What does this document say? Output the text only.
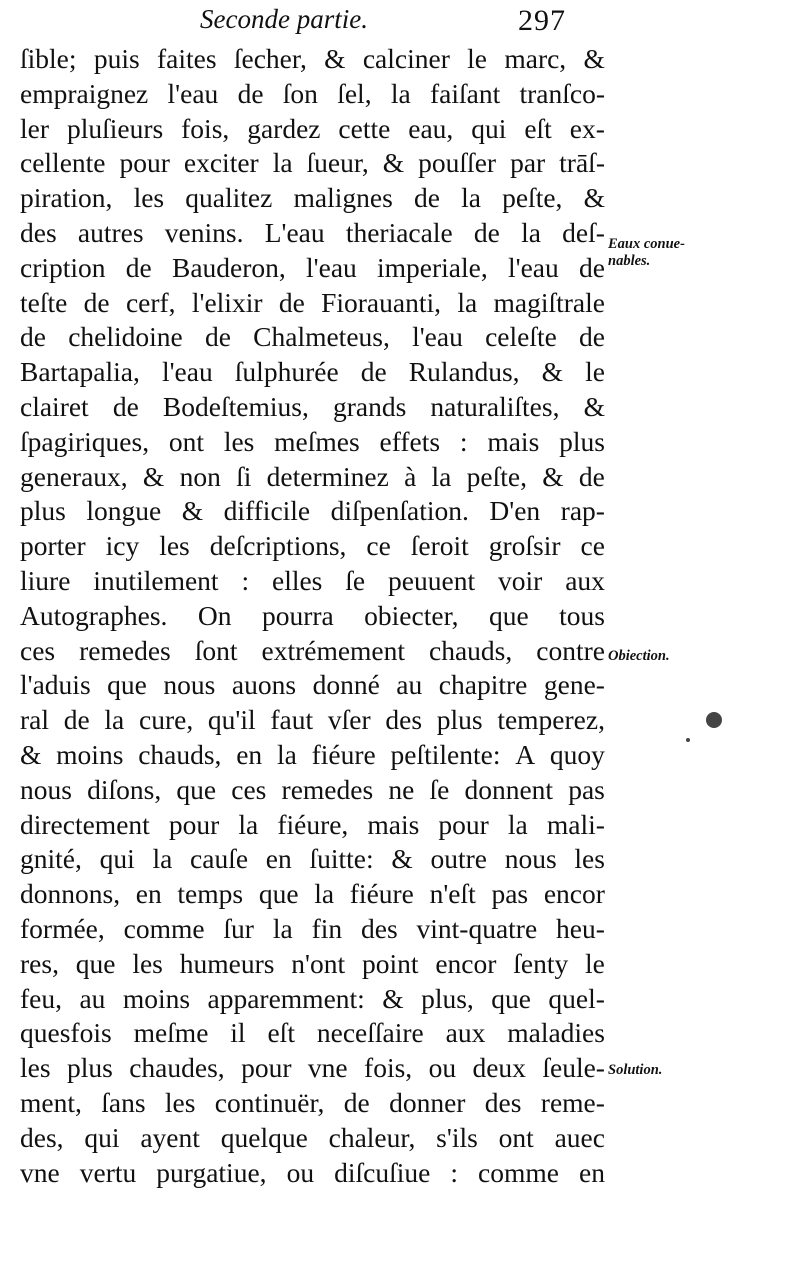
Seconde partie.	297
ſible; puis faites ſecher, & calciner le marc, &
empraignez l'eau de ſon ſel, la faiſant tranſco-
ler pluſieurs fois, gardez cette eau, qui eſt ex-
cellente pour exciter la ſueur, & pouſſer par trāſ-
piration, les qualitez malignes de la peſte, &
des autres venins. L'eau theriacale de la deſ-
cription de Bauderon, l'eau imperiale, l'eau de
teſte de cerf, l'elixir de Fiorauanti, la magiſtrale
de chelidoine de Chalmeteus, l'eau celeſte de
Bartapalia, l'eau ſulphurée de Rulandus, & le
clairet de Bodeſtemius, grands naturaliſtes, &
ſpagiriques, ont les meſmes effets : mais plus
generaux, & non ſi determinez à la peſte, & de
plus longue & difficile diſpenſation. D'en rap-
porter icy les deſcriptions, ce ſeroit groſsir ce
liure inutilement : elles ſe peuuent voir aux
Autographes. On pourra obiecter, que tous
ces remedes ſont extrémement chauds, contre
l'aduis que nous auons donné au chapitre gene-
ral de la cure, qu'il faut vſer des plus temperez,
& moins chauds, en la fiéure peſtilente: A quoy
nous diſons, que ces remedes ne ſe donnent pas
directement pour la fiéure, mais pour la mali-
gnité, qui la cauſe en ſuitte: & outre nous les
donnons, en temps que la fiéure n'eſt pas encor
formée, comme ſur la fin des vint-quatre heu-
res, que les humeurs n'ont point encor ſenty le
feu, au moins apparemment: & plus, que quel-
quesfois meſme il eſt neceſſaire aux maladies
les plus chaudes, pour vne fois, ou deux ſeule-
ment, ſans les continuër, de donner des reme-
des, qui ayent quelque chaleur, s'ils ont auec
vne vertu purgatiue, ou diſcuſiue : comme en
Eaux conue-
nables.
Obiection.
Solution.
